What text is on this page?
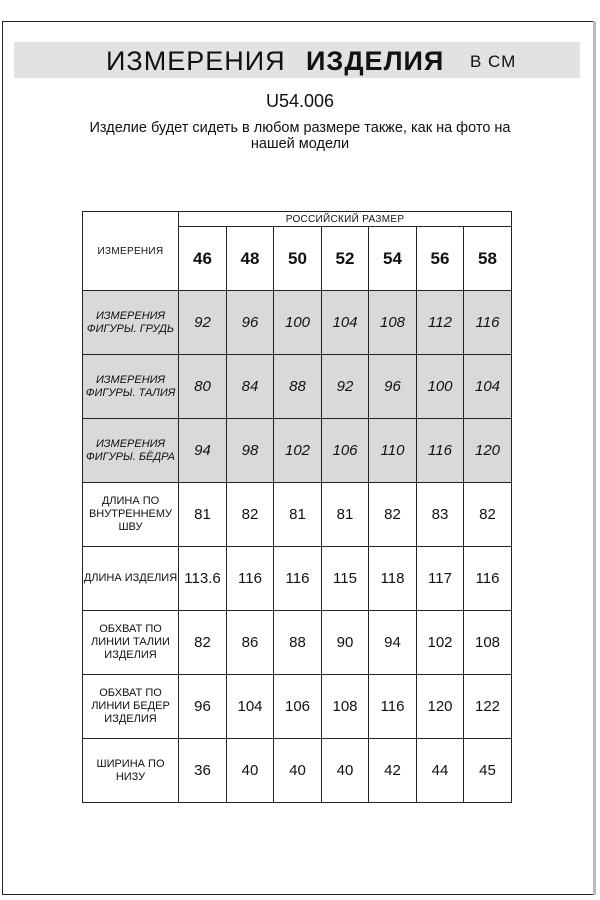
ИЗМЕРЕНИЯ ИЗДЕЛИЯ В СМ
U54.006
Изделие будет сидеть в любом размере также, как на фото на нашей модели
ИЗМЕРЕНИЯ	РОССИЙСКИЙ РАЗМЕР						
	46	48	50	52	54	56	58
ИЗМЕРЕНИЯ ФИГУРЫ. ГРУДЬ	92	96	100	104	108	112	116
ИЗМЕРЕНИЯ ФИГУРЫ. ТАЛИЯ	80	84	88	92	96	100	104
ИЗМЕРЕНИЯ ФИГУРЫ. БЁДРА	94	98	102	106	110	116	120
ДЛИНА ПО ВНУТРЕННЕМУ ШВУ	81	82	81	81	82	83	82
ДЛИНА ИЗДЕЛИЯ	113.6	116	116	115	118	117	116
ОБХВАТ ПО ЛИНИИ ТАЛИИ ИЗДЕЛИЯ	82	86	88	90	94	102	108
ОБХВАТ ПО ЛИНИИ БЕДЕР ИЗДЕЛИЯ	96	104	106	108	116	120	122
ШИРИНА ПО НИЗУ	36	40	40	40	42	44	45
